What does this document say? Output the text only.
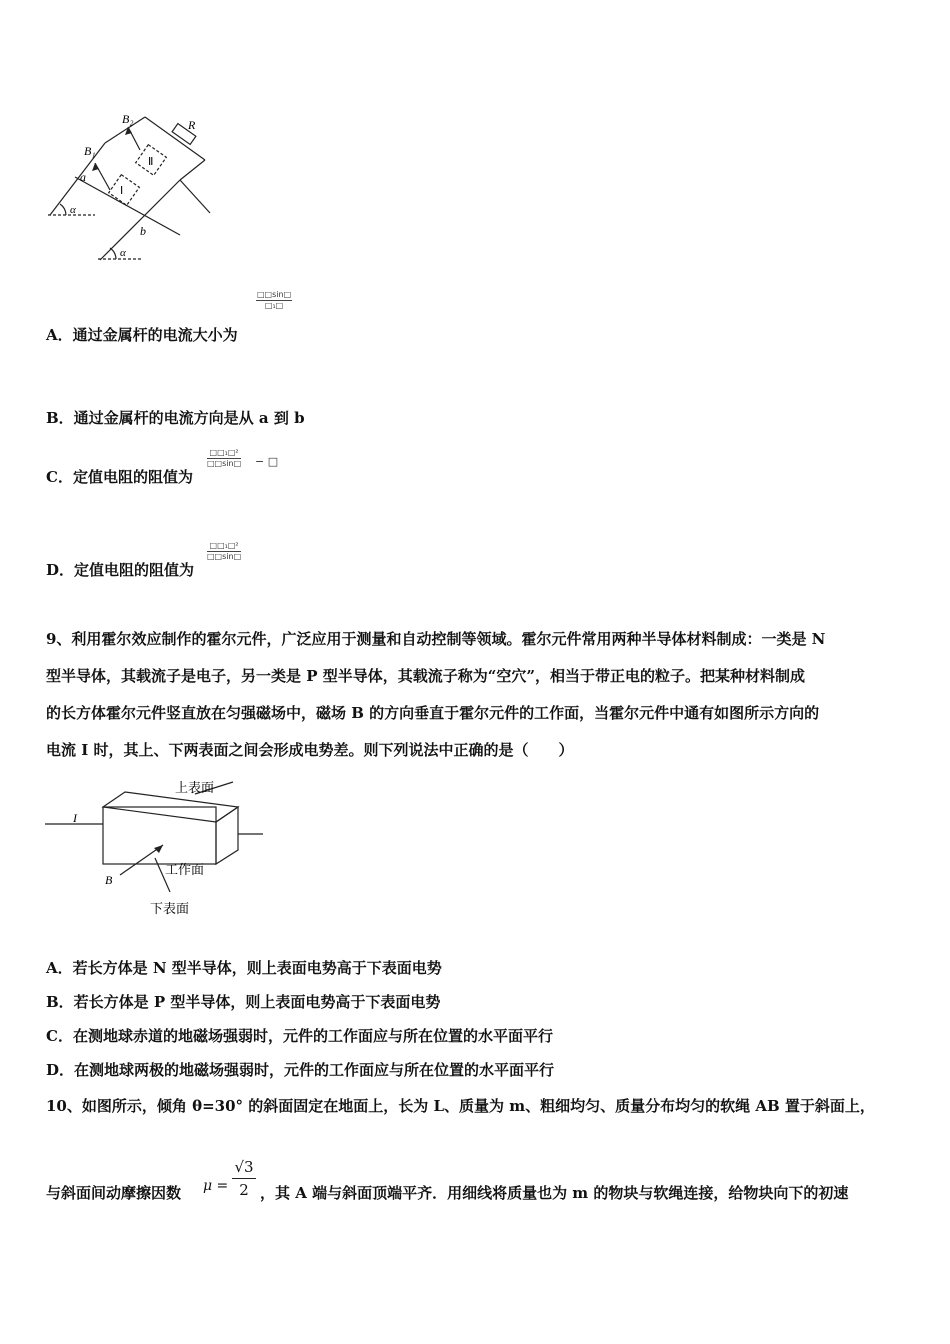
B₂
B₁
R
a
b
α
α
Ⅱ
Ⅰ
□□sin□
□₁□
A．通过金属杆的电流大小为
B．通过金属杆的电流方向是从 a 到 b
C．定值电阻的阻值为
□□₁□²
□□sin□ − □
D．定值电阻的阻值为
□□₁□²
□□sin□
9、利用霍尔效应制作的霍尔元件，广泛应用于测量和自动控制等领域。霍尔元件常用两种半导体材料制成：一类是 N
型半导体，其载流子是电子，另一类是 P 型半导体，其载流子称为“空穴”，相当于带正电的粒子。把某种材料制成
的长方体霍尔元件竖直放在匀强磁场中，磁场 B 的方向垂直于霍尔元件的工作面，当霍尔元件中通有如图所示方向的
电流 I 时，其上、下两表面之间会形成电势差。则下列说法中正确的是（　　）
上表面
工作面
下表面
I
B
A．若长方体是 N 型半导体，则上表面电势高于下表面电势
B．若长方体是 P 型半导体，则上表面电势高于下表面电势
C．在测地球赤道的地磁场强弱时，元件的工作面应与所在位置的水平面平行
D．在测地球两极的地磁场强弱时，元件的工作面应与所在位置的水平面平行
10、如图所示，倾角 θ=30° 的斜面固定在地面上，长为 L、质量为 m、粗细均匀、质量分布均匀的软绳 AB 置于斜面上，
与斜面间动摩擦因数 $\mu = \frac{√3}{2}$ ，其 A 端与斜面顶端平齐．用细线将质量也为 m 的物块与软绳连接，给物块向下的初速
